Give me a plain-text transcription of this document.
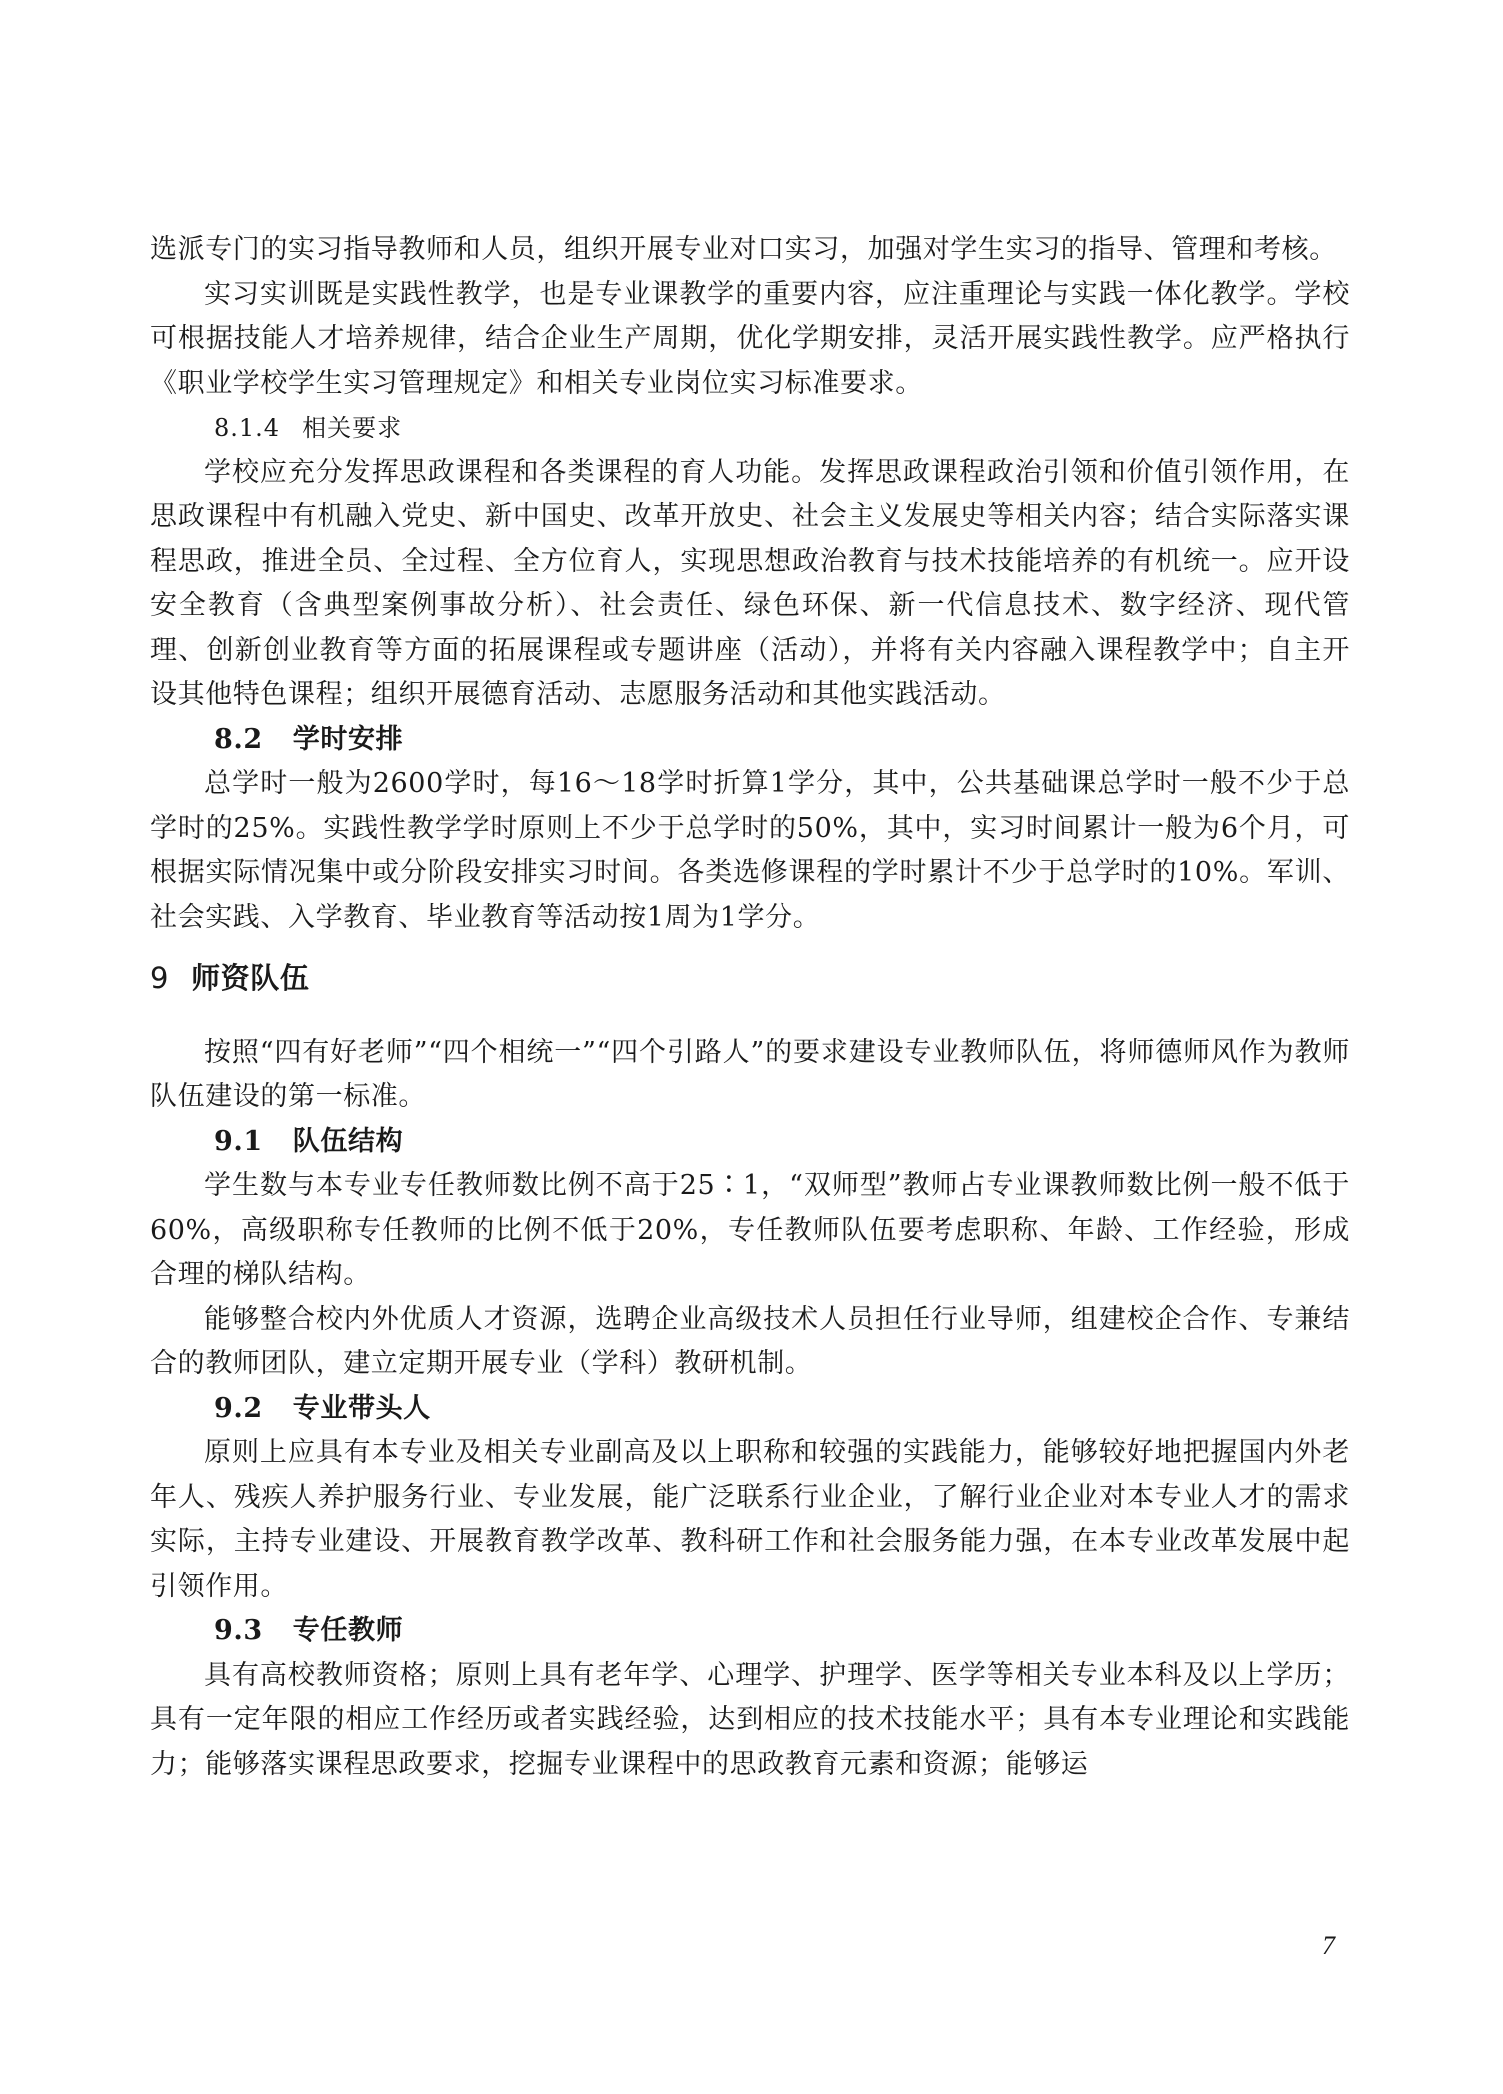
选派专门的实习指导教师和人员，组织开展专业对口实习，加强对学生实习的指导、管理和考核。

实习实训既是实践性教学，也是专业课教学的重要内容，应注重理论与实践一体化教学。学校可根据技能人才培养规律，结合企业生产周期，优化学期安排，灵活开展实践性教学。应严格执行《职业学校学生实习管理规定》和相关专业岗位实习标准要求。

8.1.4 相关要求

学校应充分发挥思政课程和各类课程的育人功能。发挥思政课程政治引领和价值引领作用，在思政课程中有机融入党史、新中国史、改革开放史、社会主义发展史等相关内容；结合实际落实课程思政，推进全员、全过程、全方位育人，实现思想政治教育与技术技能培养的有机统一。应开设安全教育（含典型案例事故分析）、社会责任、绿色环保、新一代信息技术、数字经济、现代管理、创新创业教育等方面的拓展课程或专题讲座（活动），并将有关内容融入课程教学中；自主开设其他特色课程；组织开展德育活动、志愿服务活动和其他实践活动。

8.2 学时安排

总学时一般为2600学时，每16～18学时折算1学分，其中，公共基础课总学时一般不少于总学时的25%。实践性教学学时原则上不少于总学时的50%，其中，实习时间累计一般为6个月，可根据实际情况集中或分阶段安排实习时间。各类选修课程的学时累计不少于总学时的10%。军训、社会实践、入学教育、毕业教育等活动按1周为1学分。

9 师资队伍

按照“四有好老师”“四个相统一”“四个引路人”的要求建设专业教师队伍，将师德师风作为教师队伍建设的第一标准。

9.1 队伍结构

学生数与本专业专任教师数比例不高于25∶1，“双师型”教师占专业课教师数比例一般不低于60%，高级职称专任教师的比例不低于20%，专任教师队伍要考虑职称、年龄、工作经验，形成合理的梯队结构。

能够整合校内外优质人才资源，选聘企业高级技术人员担任行业导师，组建校企合作、专兼结合的教师团队，建立定期开展专业（学科）教研机制。

9.2 专业带头人

原则上应具有本专业及相关专业副高及以上职称和较强的实践能力，能够较好地把握国内外老年人、残疾人养护服务行业、专业发展，能广泛联系行业企业，了解行业企业对本专业人才的需求实际，主持专业建设、开展教育教学改革、教科研工作和社会服务能力强，在本专业改革发展中起引领作用。

9.3 专任教师

具有高校教师资格；原则上具有老年学、心理学、护理学、医学等相关专业本科及以上学历；具有一定年限的相应工作经历或者实践经验，达到相应的技术技能水平；具有本专业理论和实践能力；能够落实课程思政要求，挖掘专业课程中的思政教育元素和资源；能够运

7
